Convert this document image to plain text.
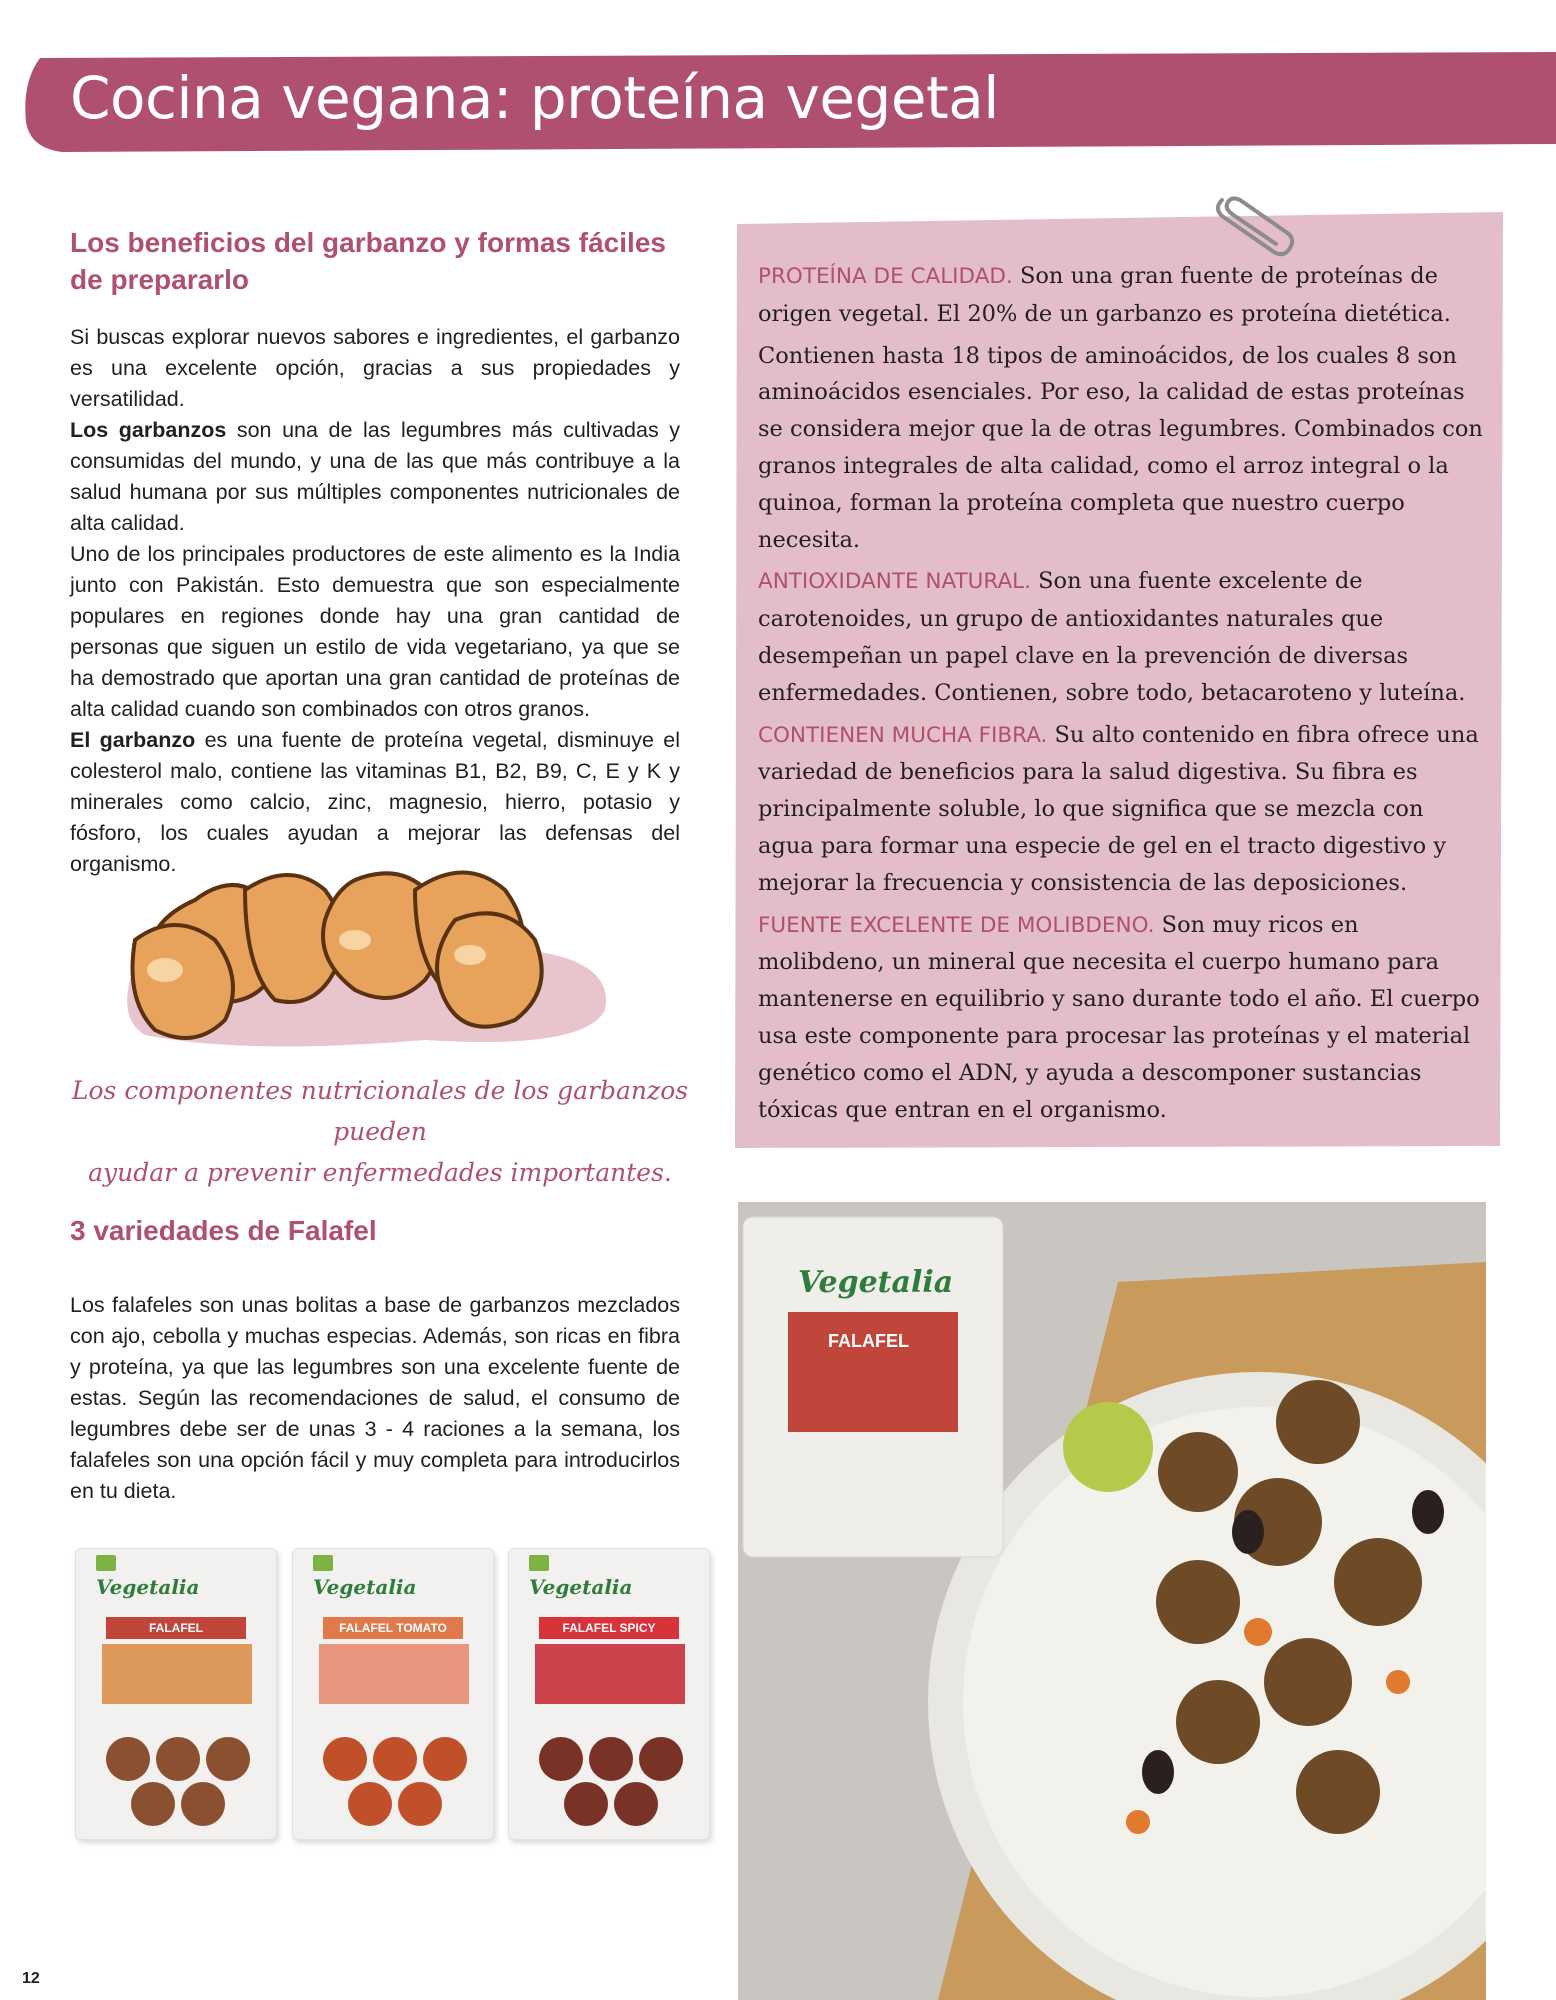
Cocina vegana: proteína vegetal
Los beneficios del garbanzo y formas fáciles
de prepararlo

Si buscas explorar nuevos sabores e ingredientes, el garbanzo es una excelente opción, gracias a sus propiedades y versatilidad.

Los garbanzos son una de las legumbres más cultivadas y consumidas del mundo, y una de las que más contribuye a la salud humana por sus múltiples componentes nutricionales de alta calidad.

Uno de los principales productores de este alimento es la India junto con Pakistán. Esto demuestra que son especialmente populares en regiones donde hay una gran cantidad de personas que siguen un estilo de vida vegetariano, ya que se ha demostrado que aportan una gran cantidad de proteínas de alta calidad cuando son combinados con otros granos.

El garbanzo es una fuente de proteína vegetal, disminuye el colesterol malo, contiene las vitaminas B1, B2, B9, C, E y K y minerales como calcio, zinc, magnesio, hierro, potasio y fósforo, los cuales ayudan a mejorar las defensas del organismo.

Los componentes nutricionales de los garbanzos pueden
ayudar a prevenir enfermedades importantes.

PROTEÍNA DE CALIDAD. Son una gran fuente de proteínas de origen vegetal. El 20% de un garbanzo es proteína dietética.

Contienen hasta 18 tipos de aminoácidos, de los cuales 8 son aminoácidos esenciales. Por eso, la calidad de estas proteínas se considera mejor que la de otras legumbres. Combinados con granos integrales de alta calidad, como el arroz integral o la quinoa, forman la proteína completa que nuestro cuerpo necesita.

ANTIOXIDANTE NATURAL. Son una fuente excelente de carotenoides, un grupo de antioxidantes naturales que desempeñan un papel clave en la prevención de diversas enfermedades. Contienen, sobre todo, betacaroteno y luteína.

CONTIENEN MUCHA FIBRA. Su alto contenido en fibra ofrece una variedad de beneficios para la salud digestiva. Su fibra es principalmente soluble, lo que significa que se mezcla con agua para formar una especie de gel en el tracto digestivo y mejorar la frecuencia y consistencia de las deposiciones.

FUENTE EXCELENTE DE MOLIBDENO. Son muy ricos en molibdeno, un mineral que necesita el cuerpo humano para mantenerse en equilibrio y sano durante todo el año. El cuerpo usa este componente para procesar las proteínas y el material genético como el ADN, y ayuda a descomponer sustancias tóxicas que entran en el organismo.

3 variedades de Falafel

Los falafeles son unas bolitas a base de garbanzos mezclados con ajo, cebolla y muchas especias. Además, son ricas en fibra y proteína, ya que las legumbres son una excelente fuente de estas. Según las recomendaciones de salud, el consumo de legumbres debe ser de unas 3 - 4 raciones a la semana, los falafeles son una opción fácil y muy completa para introducirlos en tu dieta.

Vegetalia
FALAFEL
Vegetalia
FALAFEL TOMATO
Vegetalia
FALAFEL SPICY
Vegetalia
FALAFEL
12
